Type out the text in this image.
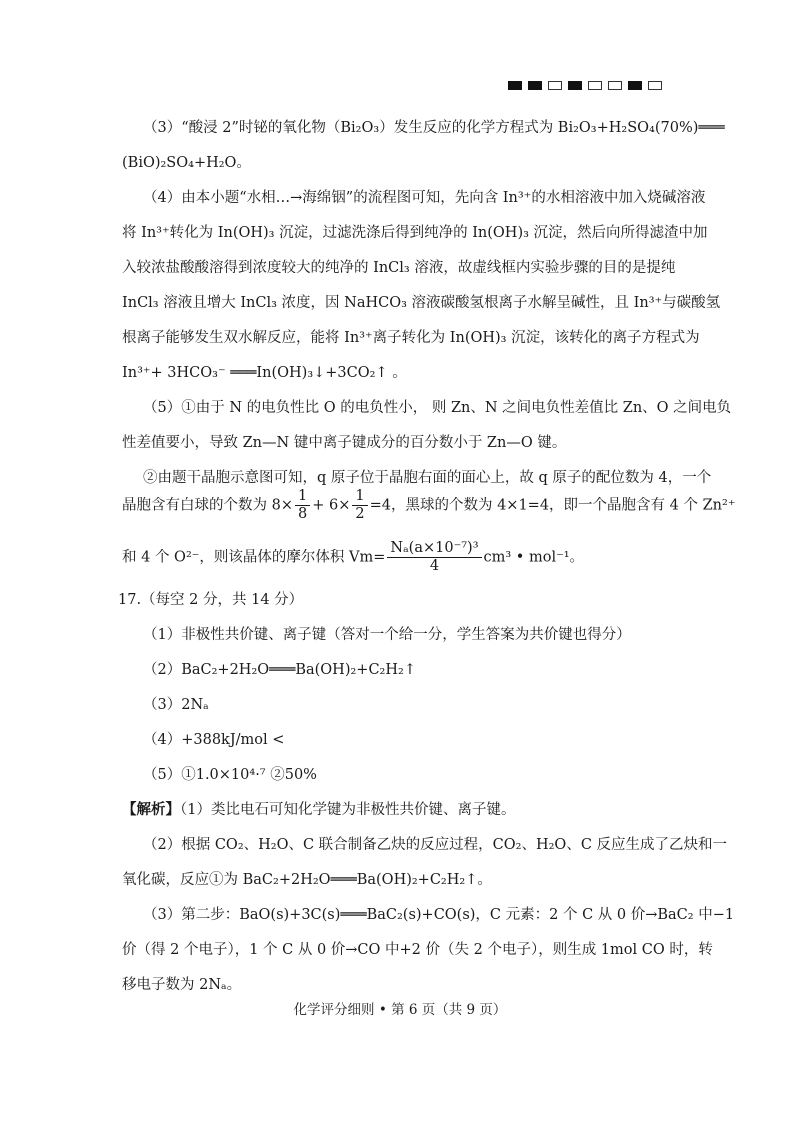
（3）“酸浸 2”时铋的氧化物（Bi₂O₃）发生反应的化学方程式为 Bi₂O₃+H₂SO₄(70%)═══
(BiO)₂SO₄+H₂O。
（4）由本小题“水相…→海绵铟”的流程图可知，先向含 In³⁺的水相溶液中加入烧碱溶液
将 In³⁺转化为 In(OH)₃ 沉淀，过滤洗涤后得到纯净的 In(OH)₃ 沉淀，然后向所得滤渣中加
入较浓盐酸酸溶得到浓度较大的纯净的 InCl₃ 溶液，故虚线框内实验步骤的目的是提纯
InCl₃ 溶液且增大 InCl₃ 浓度，因 NaHCO₃ 溶液碳酸氢根离子水解呈碱性，且 In³⁺与碳酸氢
根离子能够发生双水解反应，能将 In³⁺离子转化为 In(OH)₃ 沉淀，该转化的离子方程式为
In³⁺+ 3HCO₃⁻ ═══In(OH)₃↓+3CO₂↑ 。
（5）①由于 N 的电负性比 O 的电负性小， 则 Zn、N 之间电负性差值比 Zn、O 之间电负
性差值要小，导致 Zn—N 键中离子键成分的百分数小于 Zn—O 键。
②由题干晶胞示意图可知，q 原子位于晶胞右面的面心上，故 q 原子的配位数为 4，一个
晶胞含有白球的个数为 $8\times \frac{1}{8} + 6\times \frac{1}{2} =4$，黑球的个数为 4×1=4，即一个晶胞含有 4 个 Zn²⁺
和 4 个 O²⁻，则该晶体的摩尔体积 $Vm= \frac{\text{Nₐ(a×10⁻⁷)³}}{4} cm^3$ • mol⁻¹。
17.（每空 2 分，共 14 分）
（1）非极性共价键、离子键（答对一个给一分，学生答案为共价键也得分）
（2）BaC₂+2H₂O═══Ba(OH)₂+C₂H₂↑
（3）2Nₐ
（4）+388kJ/mol <
（5）①1.0×10⁴·⁷ ②50%
【解析】（1）类比电石可知化学键为非极性共价键、离子键。
（2）根据 CO₂、H₂O、C 联合制备乙炔的反应过程，CO₂、H₂O、C 反应生成了乙炔和一
氧化碳，反应①为 BaC₂+2H₂O═══Ba(OH)₂+C₂H₂↑。
（3）第二步：BaO(s)+3C(s)═══BaC₂(s)+CO(s)，C 元素：2 个 C 从 0 价→BaC₂ 中−1
价（得 2 个电子），1 个 C 从 0 价→CO 中+2 价（失 2 个电子），则生成 1mol CO 时，转
移电子数为 2Nₐ。
化学评分细则 • 第 6 页（共 9 页）
